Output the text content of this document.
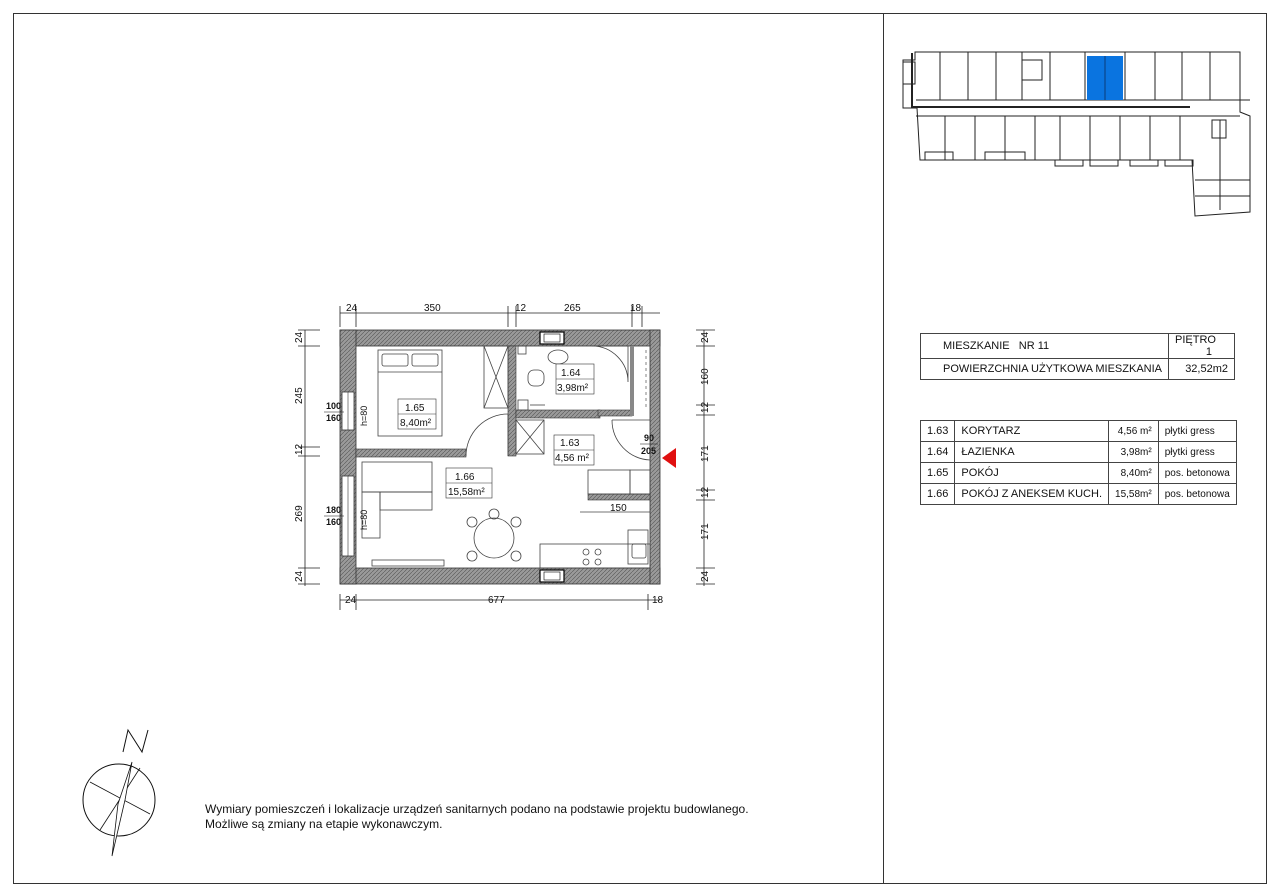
24	350	12	265	18
24	677	18
24
245
12
269
24
24
160
12
171
12
171
24
1.65
8,40m²
1.64
3,98m²
1.63
4,56 m²
1.66
15,58m²
100
160 h=80
180
160 h=80
90
205
150
MIESZKANIE NR 11	PIĘTRO
1

POWIERZCHNIA UŻYTKOWA MIESZKANIA	32,52m2
1.63	KORYTARZ	4,56 m²	płytki gress
1.64	ŁAZIENKA	3,98m²	płytki gress
1.65	POKÓJ	8,40m²	pos. betonowa
1.66	POKÓJ Z ANEKSEM KUCH.	15,58m²	pos. betonowa
Wymiary pomieszczeń i lokalizacje urządzeń sanitarnych podano na podstawie projektu budowlanego.
Możliwe są zmiany na etapie wykonawczym.
